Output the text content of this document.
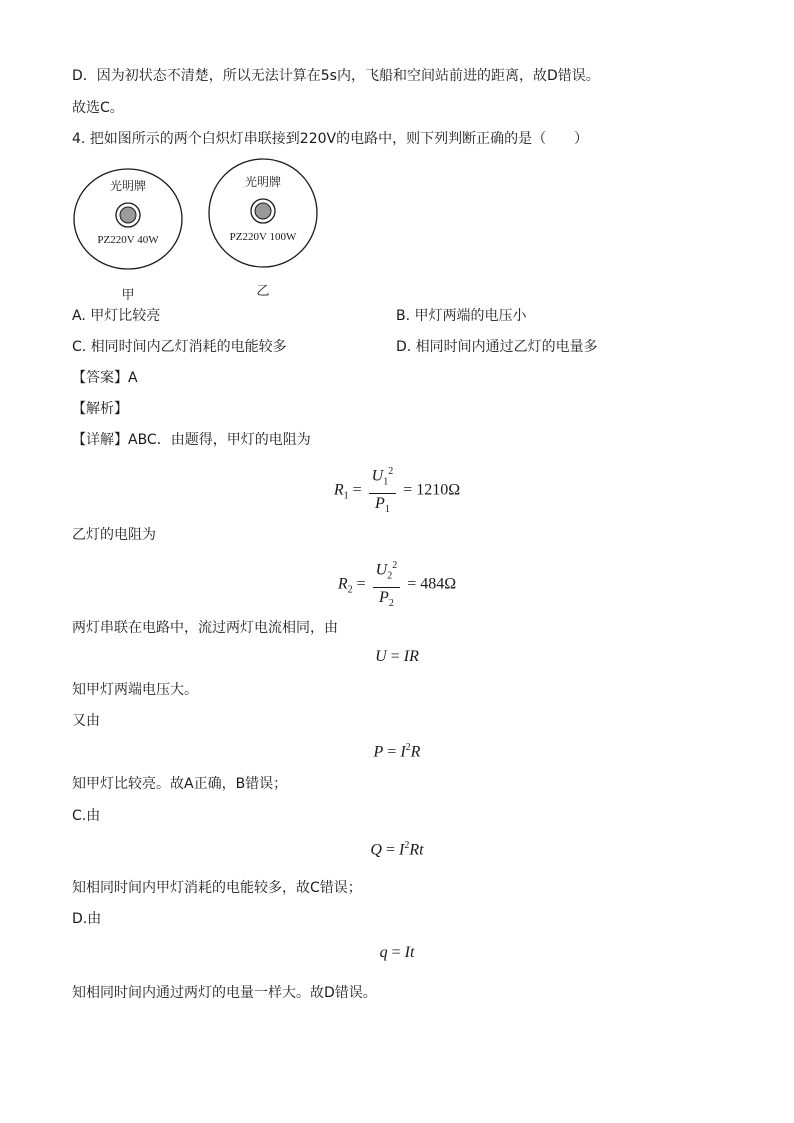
D．因为初状态不清楚，所以无法计算在5s内，飞船和空间站前进的距离，故D错误。
故选C。
4. 把如图所示的两个白炽灯串联接到220V的电路中，则下列判断正确的是（　　）
光明牌
PZ220V 40W
甲
光明牌
PZ220V 100W
乙
A. 甲灯比较亮	B. 甲灯两端的电压小
C. 相同时间内乙灯消耗的电能较多	D. 相同时间内通过乙灯的电量多
【答案】A
【解析】
【详解】ABC．由题得，甲灯的电阻为
$R_1 = \frac{U_1^2}{P_1} = 1210\Omega$
乙灯的电阻为
$R_2 = \frac{U_2^2}{P_2} = 484\Omega$
两灯串联在电路中，流过两灯电流相同，由
U = IR
知甲灯两端电压大。
又由
$P = I^2R$
知甲灯比较亮。故A正确，B错误；
C.由
$Q = I^2Rt$
知相同时间内甲灯消耗的电能较多，故C错误；
D.由
q = It
知相同时间内通过两灯的电量一样大。故D错误。
